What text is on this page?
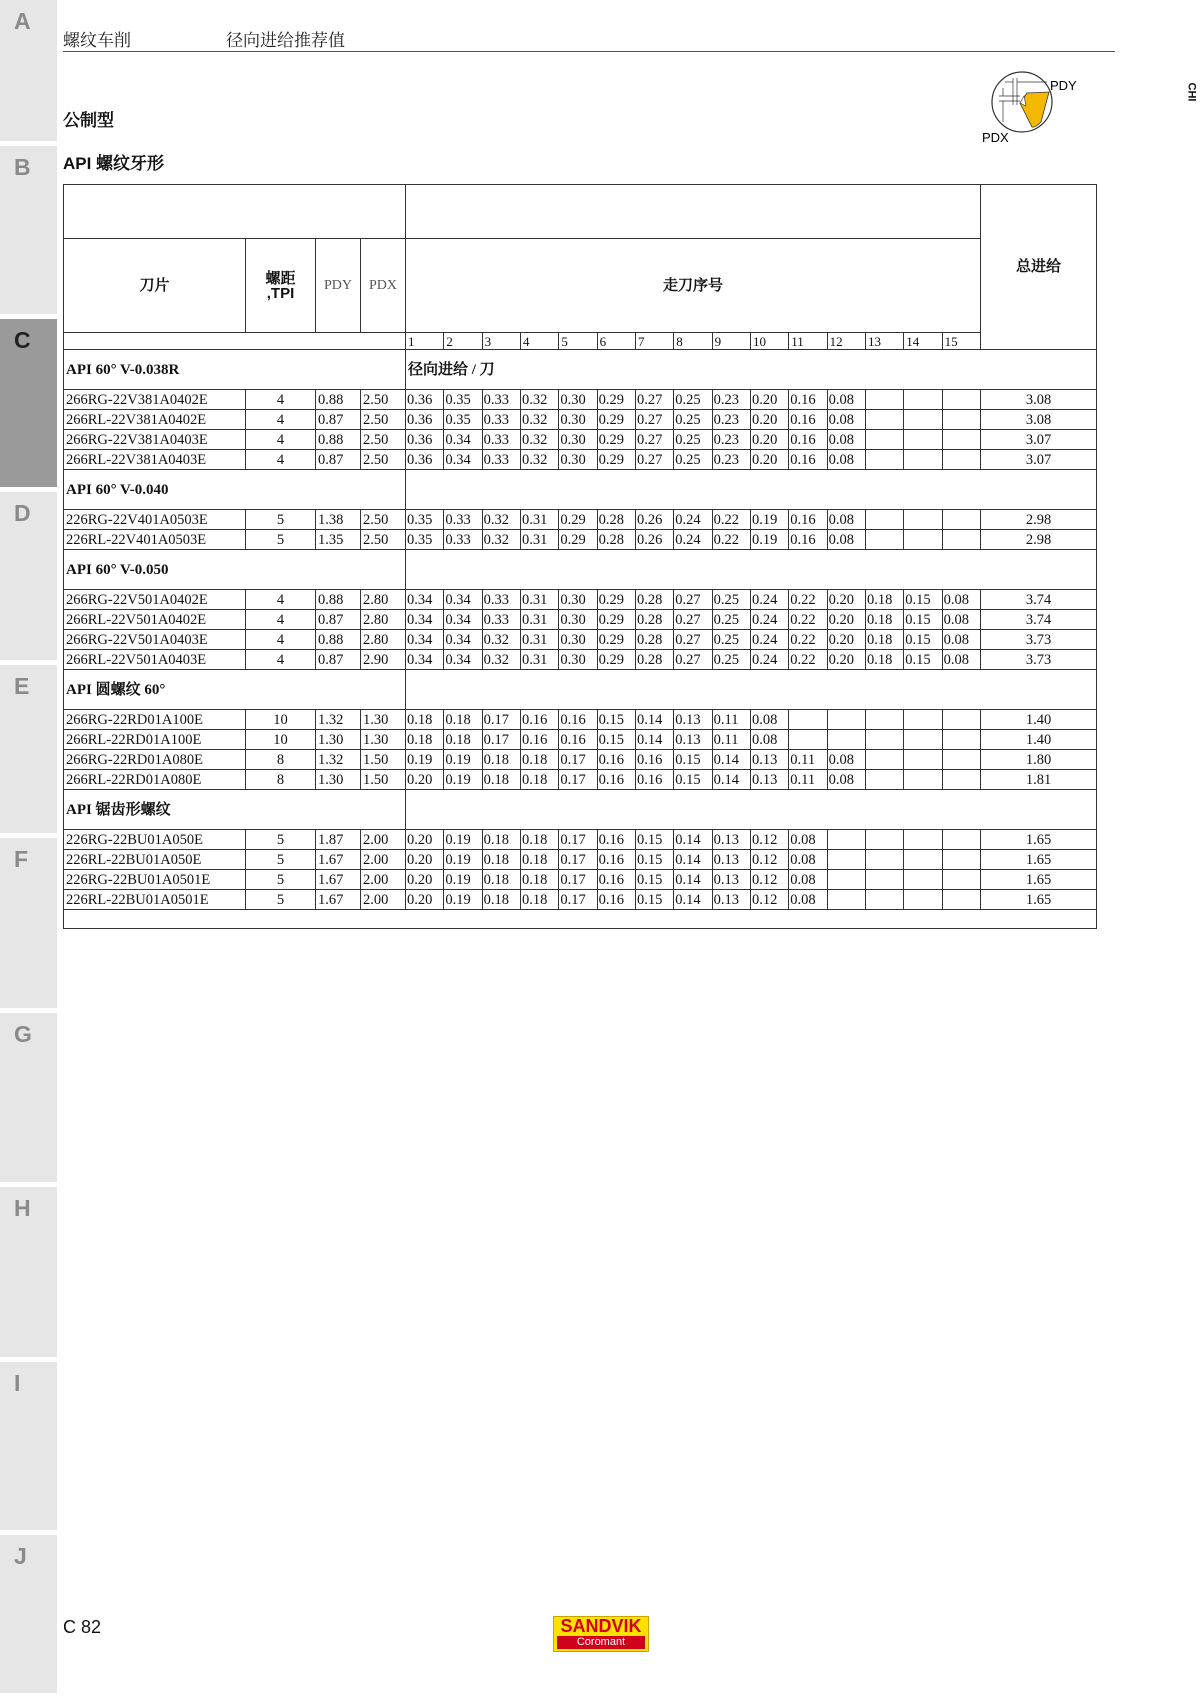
A
B
C
D
E
F
G
H
I
J
螺纹车削	径向进给推荐值
CHI
公制型
API 螺纹牙形
PDY
PDX
																			总进给
刀片	螺距
,TPI	PDY	PDX	走刀序号															
				1	2	3	4	5	6	7	8	9	10	11	12	13	14	15	
API 60° V-0.038R				径向进给 / 刀															
266RG-22V381A0402E	4	0.88	2.50	0.36	0.35	0.33	0.32	0.30	0.29	0.27	0.25	0.23	0.20	0.16	0.08				3.08
266RL-22V381A0402E	4	0.87	2.50	0.36	0.35	0.33	0.32	0.30	0.29	0.27	0.25	0.23	0.20	0.16	0.08				3.08
266RG-22V381A0403E	4	0.88	2.50	0.36	0.34	0.33	0.32	0.30	0.29	0.27	0.25	0.23	0.20	0.16	0.08				3.07
266RL-22V381A0403E	4	0.87	2.50	0.36	0.34	0.33	0.32	0.30	0.29	0.27	0.25	0.23	0.20	0.16	0.08				3.07
API 60° V-0.040																			
226RG-22V401A0503E	5	1.38	2.50	0.35	0.33	0.32	0.31	0.29	0.28	0.26	0.24	0.22	0.19	0.16	0.08				2.98
226RL-22V401A0503E	5	1.35	2.50	0.35	0.33	0.32	0.31	0.29	0.28	0.26	0.24	0.22	0.19	0.16	0.08				2.98
API 60° V-0.050																			
266RG-22V501A0402E	4	0.88	2.80	0.34	0.34	0.33	0.31	0.30	0.29	0.28	0.27	0.25	0.24	0.22	0.20	0.18	0.15	0.08	3.74
266RL-22V501A0402E	4	0.87	2.80	0.34	0.34	0.33	0.31	0.30	0.29	0.28	0.27	0.25	0.24	0.22	0.20	0.18	0.15	0.08	3.74
266RG-22V501A0403E	4	0.88	2.80	0.34	0.34	0.32	0.31	0.30	0.29	0.28	0.27	0.25	0.24	0.22	0.20	0.18	0.15	0.08	3.73
266RL-22V501A0403E	4	0.87	2.90	0.34	0.34	0.32	0.31	0.30	0.29	0.28	0.27	0.25	0.24	0.22	0.20	0.18	0.15	0.08	3.73
API 圆螺纹 60°																			
266RG-22RD01A100E	10	1.32	1.30	0.18	0.18	0.17	0.16	0.16	0.15	0.14	0.13	0.11	0.08						1.40
266RL-22RD01A100E	10	1.30	1.30	0.18	0.18	0.17	0.16	0.16	0.15	0.14	0.13	0.11	0.08						1.40
266RG-22RD01A080E	8	1.32	1.50	0.19	0.19	0.18	0.18	0.17	0.16	0.16	0.15	0.14	0.13	0.11	0.08				1.80
266RL-22RD01A080E	8	1.30	1.50	0.20	0.19	0.18	0.18	0.17	0.16	0.16	0.15	0.14	0.13	0.11	0.08				1.81
API 锯齿形螺纹																			
226RG-22BU01A050E	5	1.87	2.00	0.20	0.19	0.18	0.18	0.17	0.16	0.15	0.14	0.13	0.12	0.08					1.65
226RL-22BU01A050E	5	1.67	2.00	0.20	0.19	0.18	0.18	0.17	0.16	0.15	0.14	0.13	0.12	0.08					1.65
226RG-22BU01A0501E	5	1.67	2.00	0.20	0.19	0.18	0.18	0.17	0.16	0.15	0.14	0.13	0.12	0.08					1.65
226RL-22BU01A0501E	5	1.67	2.00	0.20	0.19	0.18	0.18	0.17	0.16	0.15	0.14	0.13	0.12	0.08					1.65

C 82	SANDVIK
Coromant
